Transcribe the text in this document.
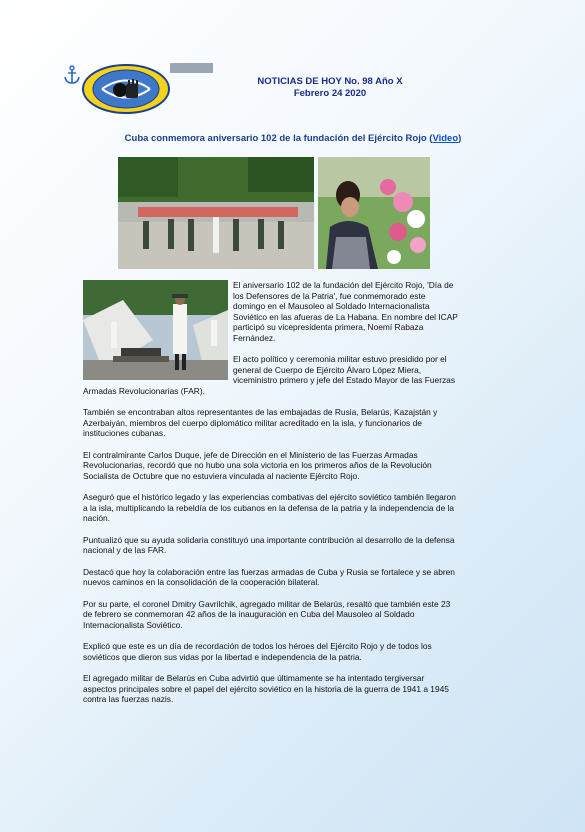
NOTICIAS DE HOY No. 98 Año X
Febrero 24 2020
Cuba conmemora aniversario 102 de la fundación del Ejército Rojo (Video)

El aniversario 102 de la fundación del Ejército Rojo, 'Día de los Defensores de la Patria', fue conmemorado este domingo en el Mausoleo al Soldado Internacionalista Soviético en las afueras de La Habana. En nombre del ICAP participó su vicepresidenta primera, Noemí Rabaza Fernández.

El acto político y ceremonia militar estuvo presidido por el general de Cuerpo de Ejército Álvaro López Miera, viceministro primero y jefe del Estado Mayor de las Fuerzas Armadas Revolucionarias (FAR).

También se encontraban altos representantes de las embajadas de Rusia, Belarús, Kazajstán y Azerbaiyán, miembros del cuerpo diplomático militar acreditado en la isla, y funcionarios de instituciones cubanas.

El contralmirante Carlos Duque, jefe de Dirección en el Ministerio de las Fuerzas Armadas Revolucionarias, recordó que no hubo una sola victoria en los primeros años de la Revolución Socialista de Octubre que no estuviera vinculada al naciente Ejército Rojo.

Aseguró que el histórico legado y las experiencias combativas del ejército soviético también llegaron a la isla, multiplicando la rebeldía de los cubanos en la defensa de la patria y la independencia de la nación.

Puntualizó que su ayuda solidaria constituyó una importante contribución al desarrollo de la defensa nacional y de las FAR.

Destacó que hoy la colaboración entre las fuerzas armadas de Cuba y Rusia se fortalece y se abren nuevos caminos en la consolidación de la cooperación bilateral.

Por su parte, el coronel Dmitry Gavrilchik, agregado militar de Belarús, resaltó que también este 23 de febrero se conmemoran 42 años de la inauguración en Cuba del Mausoleo al Soldado Internacionalista Soviético.

Explicó que este es un día de recordación de todos los héroes del Ejército Rojo y de todos los soviéticos que dieron sus vidas por la libertad e independencia de la patria.

El agregado militar de Belarús en Cuba advirtió que últimamente se ha intentado tergiversar aspectos principales sobre el papel del ejército soviético en la historia de la guerra de 1941 a 1945 contra las fuerzas nazis.
